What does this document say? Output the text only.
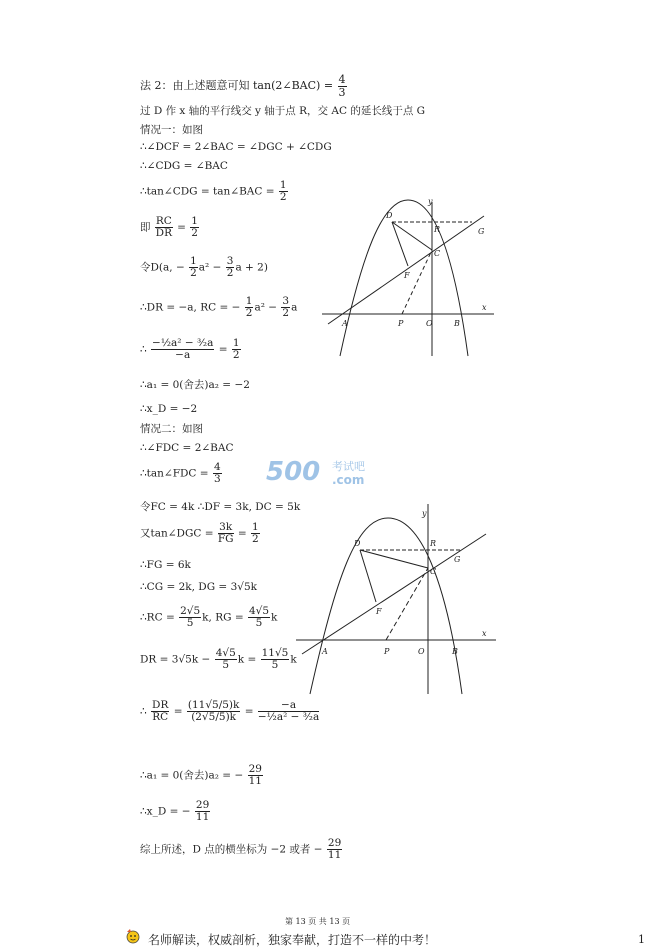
法 2：由上述题意可知 tan(2∠BAC) = $\frac{4}{3}$
过 D 作 x 轴的平行线交 y 轴于点 R，交 AC 的延长线于点 G
情况一：如图
∴∠DCF = 2∠BAC = ∠DGC + ∠CDG
∴∠CDG = ∠BAC
∴tan∠CDG = tan∠BAC = $\frac{1}{2}$
即 $\frac{RC}{DR} = \frac{1}{2}$
令D(a, − $\frac{1}{2} a^2 - \frac{3}{2}$ a + 2)
∴DR = −a, RC = − $\frac{1}{2} a^2 - \frac{3}{2}$ a
∴ $\frac{\text{−½a² − ³⁄₂a}}{-a} = \frac{1}{2}$
∴a₁ = 0(舍去)a₂ = −2
∴x_D = −2
情况二：如图
∴∠FDC = 2∠BAC
∴tan∠FDC = $\frac{4}{3}$
令FC = 4k ∴DF = 3k, DC = 5k
又tan∠DGC = $\frac{3k}{FG} = \frac{1}{2}$
∴FG = 6k
∴CG = 2k, DG = 3√5k
∴RC = $\frac{2√5}{5} k$, RG = $\frac{4√5}{5}$ k
DR = $3√5k - \frac{4√5}{5}$ $k = \frac{11√5}{5}$ k
∴ $\frac{DR}{RC} = \frac{(11√5/5)k}{(2√5/5)k} = \frac{-a}{\text{−½a² − ³⁄₂a}}$
∴a₁ = 0(舍去)a₂ = − $\frac{29}{11}$
∴x_D = − $\frac{29}{11}$
综上所述，D 点的横坐标为 −2 或者 − $\frac{29}{11}$
D
y
R	G
C
F
A	P	O	B
x
500 考试吧
.com
y
D	R
G
C
F
A	P	O	B
x
第 13 页 共 13 页
名师解读，权威剖析，独家奉献，打造不一样的中考！	1
